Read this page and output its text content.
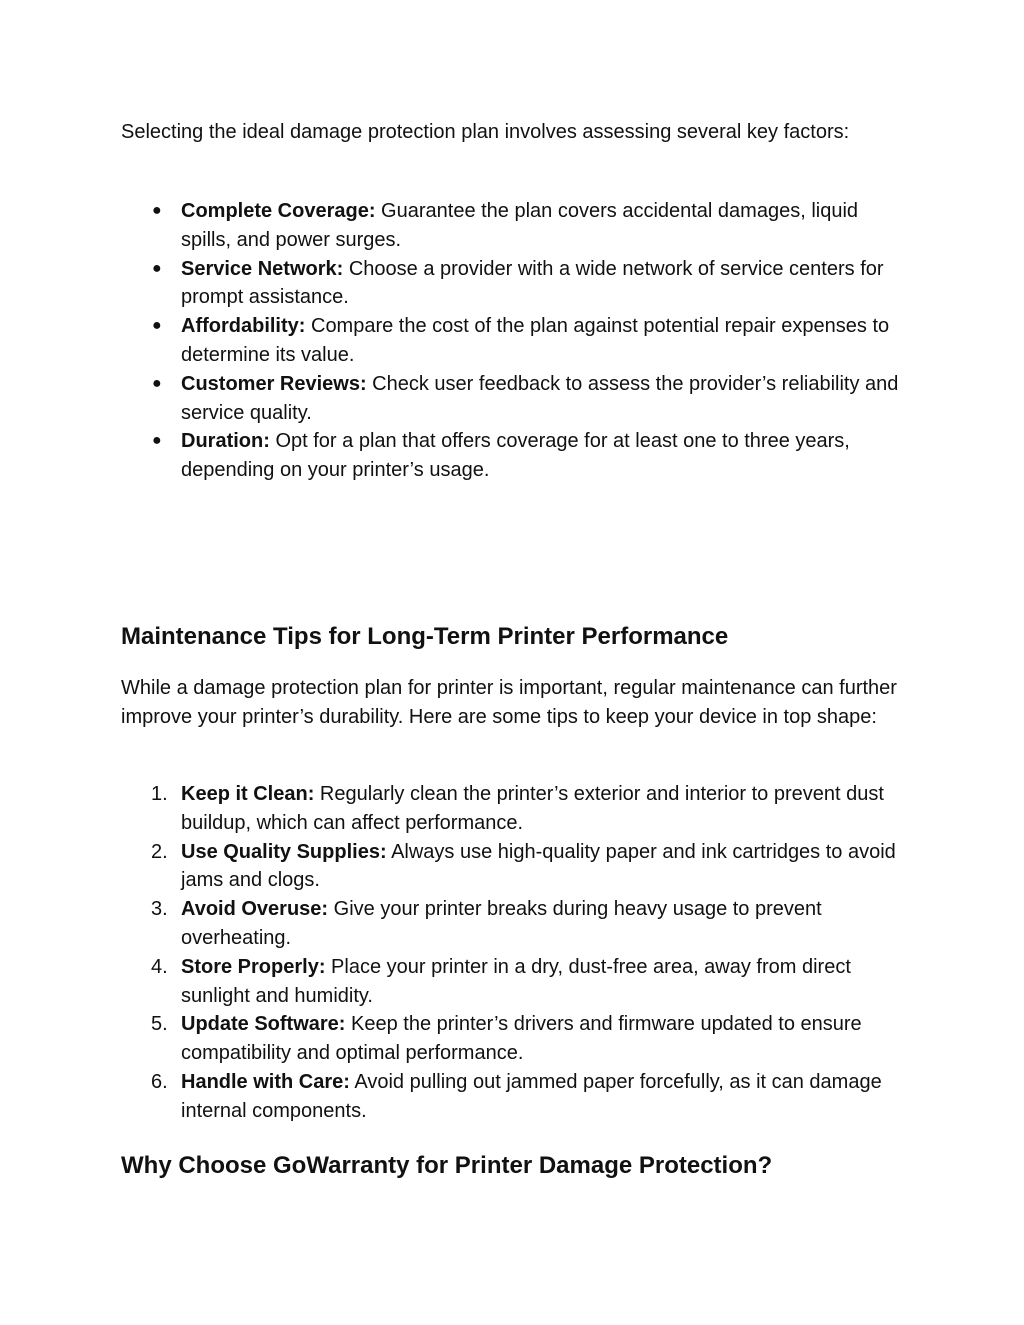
Selecting the ideal damage protection plan involves assessing several key factors:

● Complete Coverage: Guarantee the plan covers accidental damages, liquid spills, and power surges.
● Service Network: Choose a provider with a wide network of service centers for prompt assistance.
● Affordability: Compare the cost of the plan against potential repair expenses to determine its value.
● Customer Reviews: Check user feedback to assess the provider’s reliability and service quality.
● Duration: Opt for a plan that offers coverage for at least one to three years, depending on your printer’s usage.
Maintenance Tips for Long-Term Printer Performance

While a damage protection plan for printer is important, regular maintenance can further improve your printer’s durability. Here are some tips to keep your device in top shape:

1. Keep it Clean: Regularly clean the printer’s exterior and interior to prevent dust buildup, which can affect performance.
2. Use Quality Supplies: Always use high-quality paper and ink cartridges to avoid jams and clogs.
3. Avoid Overuse: Give your printer breaks during heavy usage to prevent overheating.
4. Store Properly: Place your printer in a dry, dust-free area, away from direct sunlight and humidity.
5. Update Software: Keep the printer’s drivers and firmware updated to ensure compatibility and optimal performance.
6. Handle with Care: Avoid pulling out jammed paper forcefully, as it can damage internal components.
Why Choose GoWarranty for Printer Damage Protection?
